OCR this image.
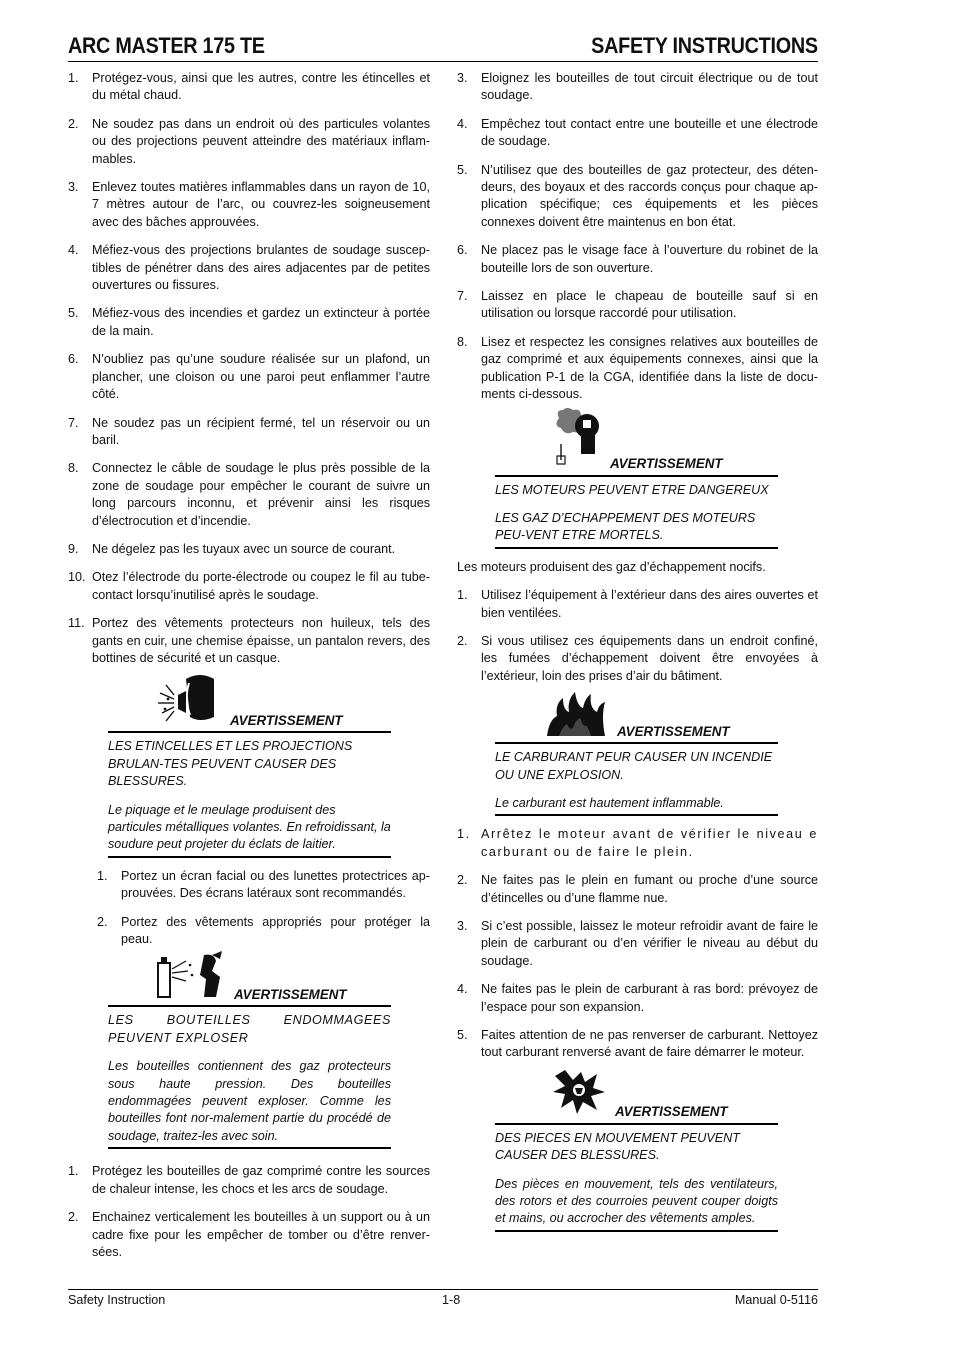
ARC MASTER 175 TE	SAFETY INSTRUCTIONS
1. Protégez-vous, ainsi que les autres, contre les étincelles et du métal chaud.
2. Ne soudez pas dans un endroit où des particules volantes ou des projections peuvent atteindre des matériaux inflam-mables.
3. Enlevez toutes matières inflammables dans un rayon de 10, 7 mètres autour de l’arc, ou couvrez-les soigneusement avec des bâches approuvées.
4. Méfiez-vous des projections brulantes de soudage suscep-tibles de pénétrer dans des aires adjacentes par de petites ouvertures ou fissures.
5. Méfiez-vous des incendies et gardez un extincteur à portée de la main.
6. N’oubliez pas qu’une soudure réalisée sur un plafond, un plancher, une cloison ou une paroi peut enflammer l’autre côté.
7. Ne soudez pas un récipient fermé, tel un réservoir ou un baril.
8. Connectez le câble de soudage le plus près possible de la zone de soudage pour empêcher le courant de suivre un long parcours inconnu, et prévenir ainsi les risques d’électrocution et d’incendie.
9. Ne dégelez pas les tuyaux avec un source de courant.
10. Otez l’électrode du porte-électrode ou coupez le fil au tube-contact lorsqu’inutilisé après le soudage.
11. Portez des vêtements protecteurs non huileux, tels des gants en cuir, une chemise épaisse, un pantalon revers, des bottines de sécurité et un casque.
AVERTISSEMENT

LES ETINCELLES ET LES PROJECTIONS BRULAN-TES PEUVENT CAUSER DES BLESSURES.

Le piquage et le meulage produisent des particules métalliques volantes. En refroidissant, la soudure peut projeter du éclats de laitier.

1. Portez un écran facial ou des lunettes protectrices ap-prouvées. Des écrans latéraux sont recommandés.
2. Portez des vêtements appropriés pour protéger la peau.
AVERTISSEMENT

LES BOUTEILLES ENDOMMAGEES PEUVENT EXPLOSER

Les bouteilles contiennent des gaz protecteurs sous haute pression. Des bouteilles endommagées peuvent exploser. Comme les bouteilles font nor-malement partie du procédé de soudage, traitez-les avec soin.

1. Protégez les bouteilles de gaz comprimé contre les sources de chaleur intense, les chocs et les arcs de soudage.
2. Enchainez verticalement les bouteilles à un support ou à un cadre fixe pour les empêcher de tomber ou d’être renver-sées.
3. Eloignez les bouteilles de tout circuit électrique ou de tout soudage.
4. Empêchez tout contact entre une bouteille et une électrode de soudage.
5. N’utilisez que des bouteilles de gaz protecteur, des déten-deurs, des boyaux et des raccords conçus pour chaque ap-plication spécifique; ces équipements et les pièces connexes doivent être maintenus en bon état.
6. Ne placez pas le visage face à l’ouverture du robinet de la bouteille lors de son ouverture.
7. Laissez en place le chapeau de bouteille sauf si en utilisation ou lorsque raccordé pour utilisation.
8. Lisez et respectez les consignes relatives aux bouteilles de gaz comprimé et aux équipements connexes, ainsi que la publication P-1 de la CGA, identifiée dans la liste de docu-ments ci-dessous.
AVERTISSEMENT

LES MOTEURS PEUVENT ETRE DANGEREUX

LES GAZ D’ECHAPPEMENT DES MOTEURS PEU-VENT ETRE MORTELS.

Les moteurs produisent des gaz d’échappement nocifs.
1. Utilisez l’équipement à l’extérieur dans des aires ouvertes et bien ventilées.
2. Si vous utilisez ces équipements dans un endroit confiné, les fumées d’échappement doivent être envoyées à l’extérieur, loin des prises d’air du bâtiment.
AVERTISSEMENT

LE CARBURANT PEUR CAUSER UN INCENDIE OU UNE EXPLOSION.

Le carburant est hautement inflammable.

1. Arrêtez le moteur avant de vérifier le niveau e carburant ou de faire le plein.
2. Ne faites pas le plein en fumant ou proche d’une source d’étincelles ou d’une flamme nue.
3. Si c’est possible, laissez le moteur refroidir avant de faire le plein de carburant ou d’en vérifier le niveau au début du soudage.
4. Ne faites pas le plein de carburant à ras bord: prévoyez de l’espace pour son expansion.
5. Faites attention de ne pas renverser de carburant. Nettoyez tout carburant renversé avant de faire démarrer le moteur.
AVERTISSEMENT

DES PIECES EN MOUVEMENT PEUVENT CAUSER DES BLESSURES.

Des pièces en mouvement, tels des ventilateurs, des rotors et des courroies peuvent couper doigts et mains, ou accrocher des vêtements amples.

Safety Instruction	1-8	Manual 0-5116
